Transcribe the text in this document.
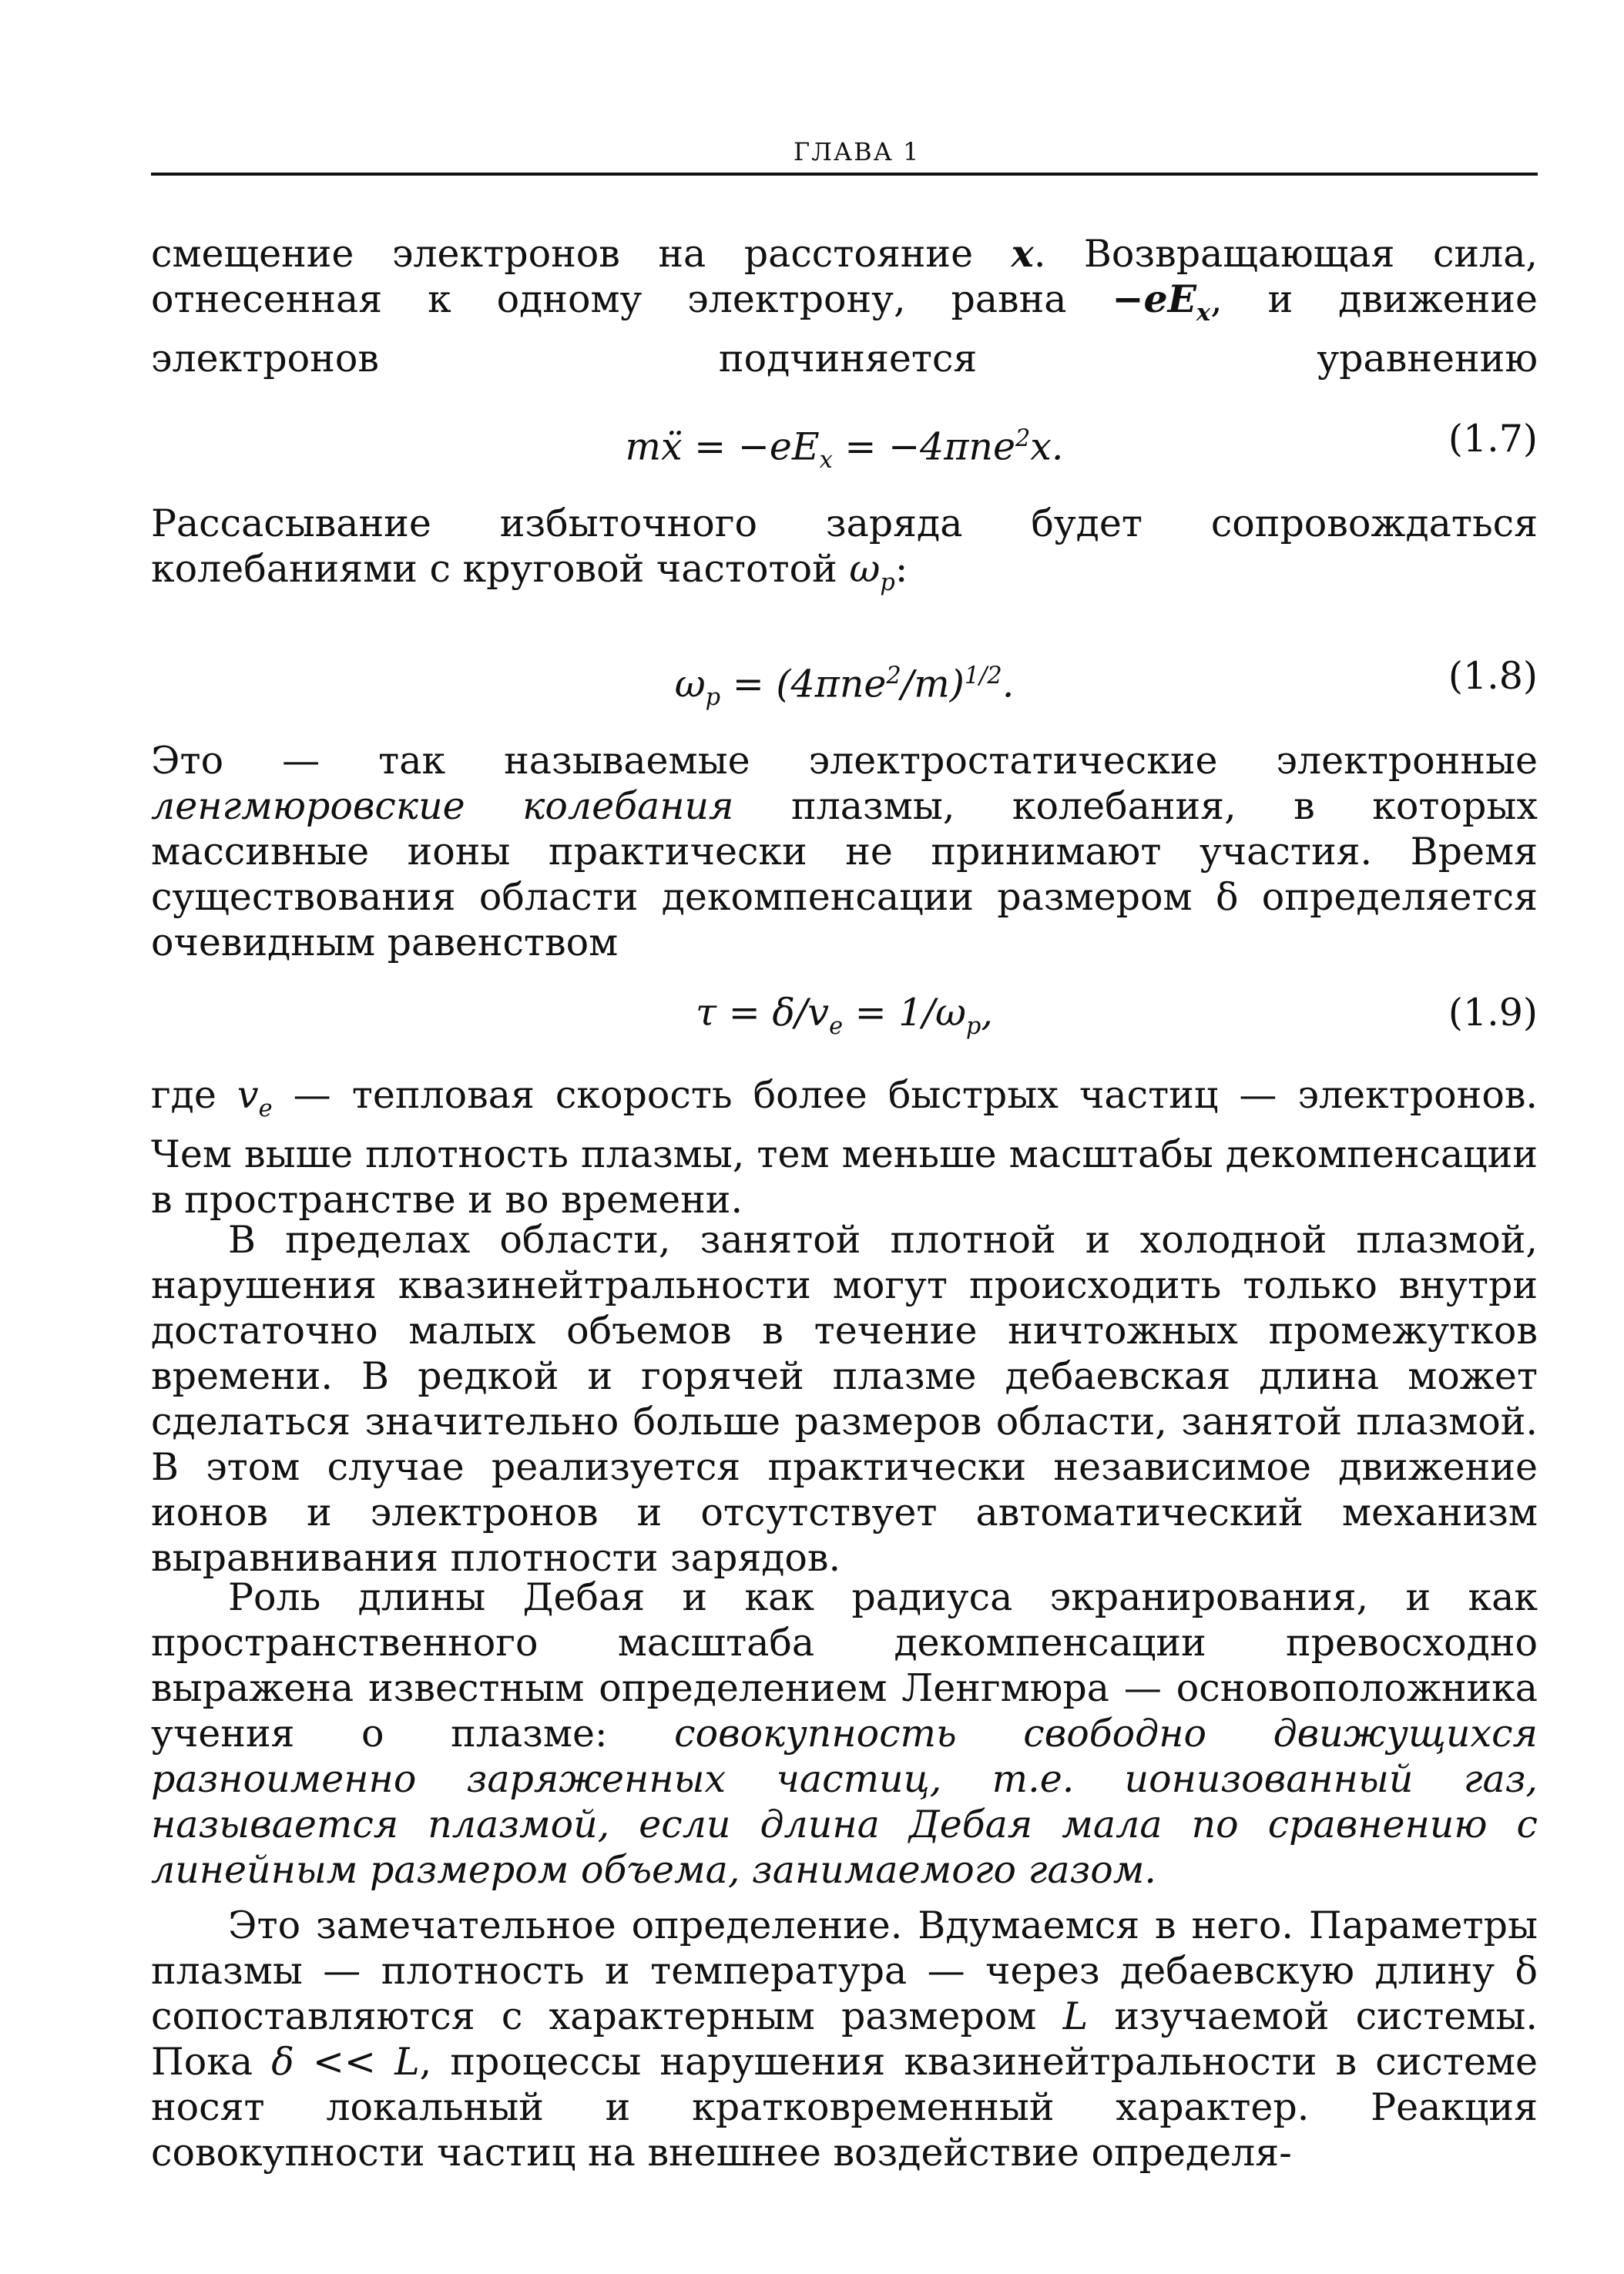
ГЛАВА 1
смещение электронов на расстояние x. Возвращающая сила, отнесенная к одному электрону, равна $-eE_x$, и движение электронов подчиняется уравнению
mẍ = $-eE_x = -4\pi ne^2x$.	(1.7)
Рассасывание избыточного заряда будет сопровождаться колебаниями с круговой частотой $\omega_p$:
$\omega_p = (4\pi ne^2/m)^{1/2}$.	(1.8)
Это — так называемые электростатические электронные ленгмюровские колебания плазмы, колебания, в которых массивные ионы практически не принимают участия. Время существования области декомпенсации размером δ определяется очевидным равенством
$\tau = \delta/v_e = 1/\omega_p$,	(1.9)
где $v_e$ — тепловая скорость более быстрых частиц — электронов. Чем выше плотность плазмы, тем меньше масштабы декомпенсации в пространстве и во времени.
В пределах области, занятой плотной и холодной плазмой, нарушения квазинейтральности могут происходить только внутри достаточно малых объемов в течение ничтожных промежутков времени. В редкой и горячей плазме дебаевская длина может сделаться значительно больше размеров области, занятой плазмой. В этом случае реализуется практически независимое движение ионов и электронов и отсутствует автоматический механизм выравнивания плотности зарядов.
Роль длины Дебая и как радиуса экранирования, и как пространственного масштаба декомпенсации превосходно выражена известным определением Ленгмюра — основоположника учения о плазме: совокупность свободно движущихся разноименно заряженных частиц, т.е. ионизованный газ, называется плазмой, если длина Дебая мала по сравнению с линейным размером объема, занимаемого газом.
Это замечательное определение. Вдумаемся в него. Параметры плазмы — плотность и температура — через дебаевскую длину δ сопоставляются с характерным размером L изучаемой системы. Пока δ << L, процессы нарушения квазинейтральности в системе носят локальный и кратковременный характер. Реакция совокупности частиц на внешнее воздействие определя-
